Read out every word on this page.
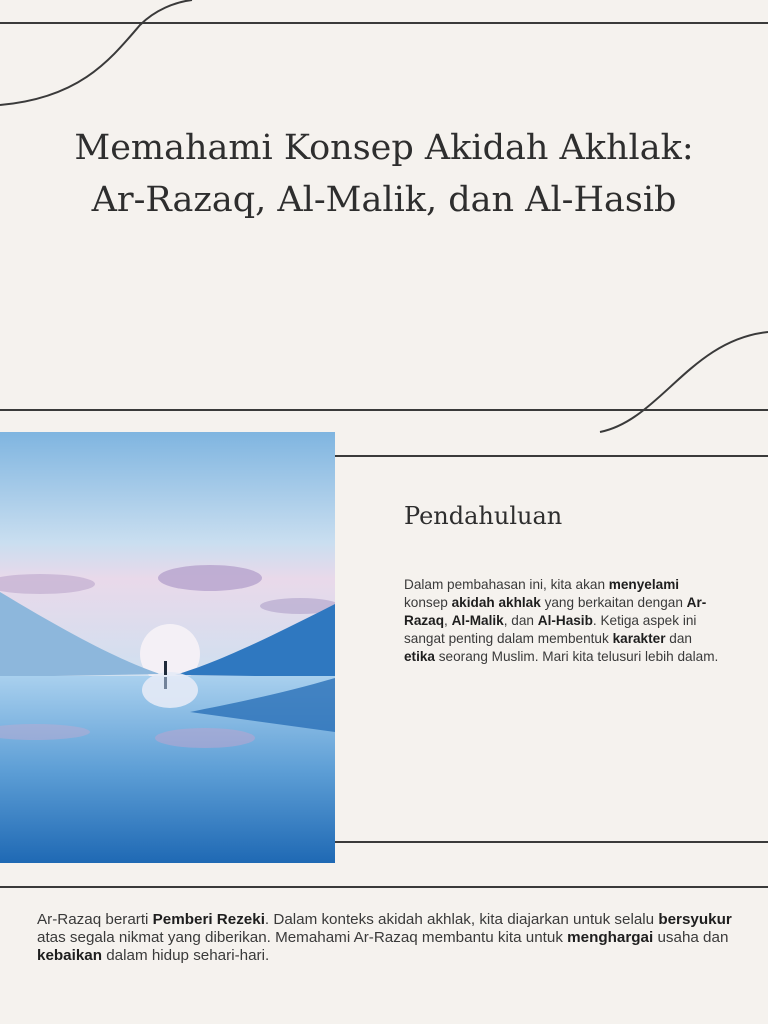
Memahami Konsep Akidah Akhlak: Ar-Razaq, Al-Malik, dan Al-Hasib
Pendahuluan

Dalam pembahasan ini, kita akan menyelami konsep akidah akhlak yang berkaitan dengan Ar-Razaq, Al-Malik, dan Al-Hasib. Ketiga aspek ini sangat penting dalam membentuk karakter dan etika seorang Muslim. Mari kita telusuri lebih dalam.

Ar-Razaq berarti Pemberi Rezeki. Dalam konteks akidah akhlak, kita diajarkan untuk selalu bersyukur atas segala nikmat yang diberikan. Memahami Ar-Razaq membantu kita untuk menghargai usaha dan kebaikan dalam hidup sehari-hari.
